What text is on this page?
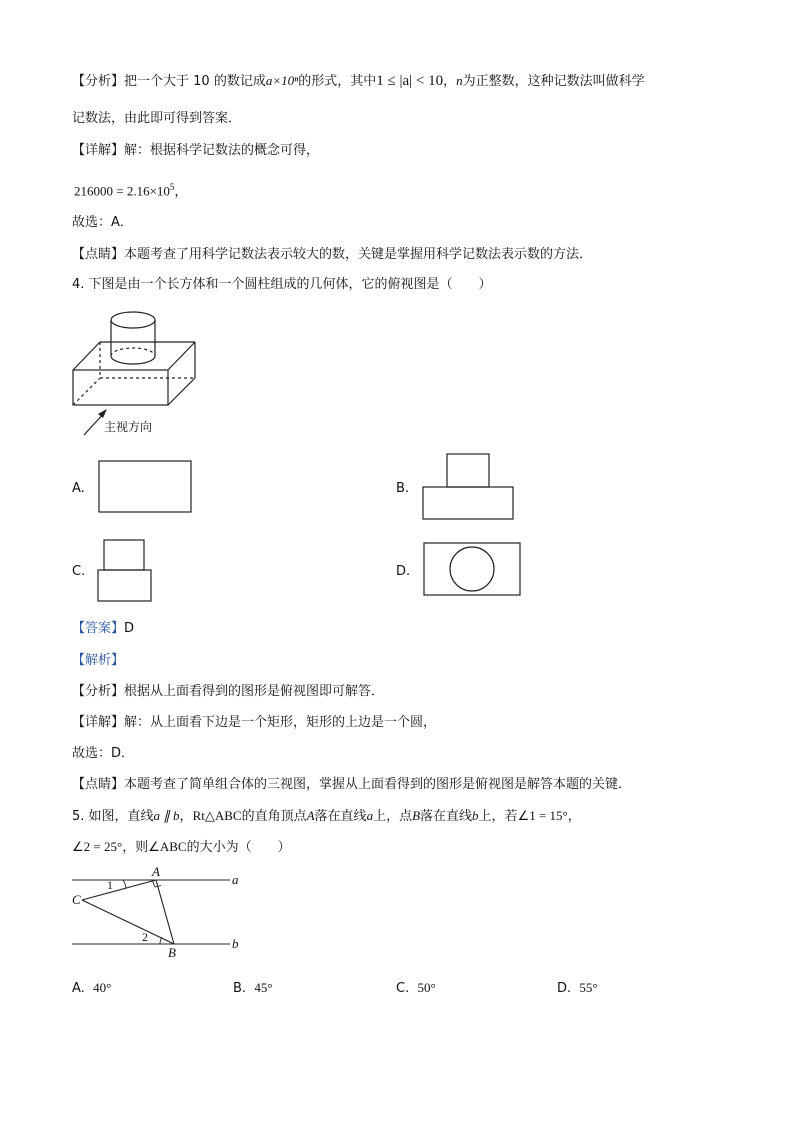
【分析】把一个大于 10 的数记成a×10ⁿ的形式，其中1 ≤ |a| < 10，n为正整数，这种记数法叫做科学
记数法，由此即可得到答案．
【详解】解：根据科学记数法的概念可得，
$216000 = 2.16\times 10^5$，
故选：A．
【点睛】本题考查了用科学记数法表示较大的数，关键是掌握用科学记数法表示数的方法．
4. 下图是由一个长方体和一个圆柱组成的几何体，它的俯视图是（　　）
主视方向
A.	B.
C.	D.
【答案】D
【解析】
【分析】根据从上面看得到的图形是俯视图即可解答．
【详解】解：从上面看下边是一个矩形，矩形的上边是一个圆，
故选：D．
【点睛】本题考查了简单组合体的三视图，掌握从上面看得到的图形是俯视图是解答本题的关键．
5. 如图，直线a ∥ b，Rt△ABC的直角顶点A落在直线a上，点B落在直线b上，若∠1 = 15°，
∠2 = 25°，则∠ABC的大小为（　　）
A
C
B
a
b
1
2
A. 40°	B. 45°	C. 50°	D. 55°
